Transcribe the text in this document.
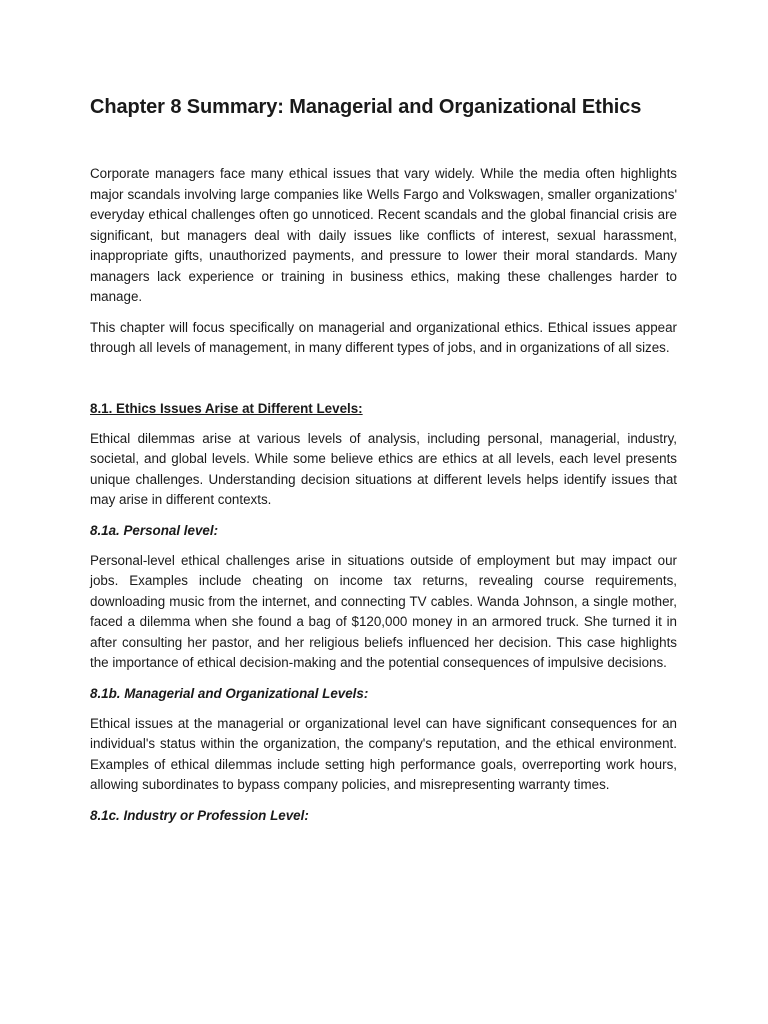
Chapter 8 Summary: Managerial and Organizational Ethics

Corporate managers face many ethical issues that vary widely. While the media often highlights major scandals involving large companies like Wells Fargo and Volkswagen, smaller organizations' everyday ethical challenges often go unnoticed. Recent scandals and the global financial crisis are significant, but managers deal with daily issues like conflicts of interest, sexual harassment, inappropriate gifts, unauthorized payments, and pressure to lower their moral standards. Many managers lack experience or training in business ethics, making these challenges harder to manage.

This chapter will focus specifically on managerial and organizational ethics. Ethical issues appear through all levels of management, in many different types of jobs, and in organizations of all sizes.

8.1. Ethics Issues Arise at Different Levels:

Ethical dilemmas arise at various levels of analysis, including personal, managerial, industry, societal, and global levels. While some believe ethics are ethics at all levels, each level presents unique challenges. Understanding decision situations at different levels helps identify issues that may arise in different contexts.

8.1a. Personal level:

Personal-level ethical challenges arise in situations outside of employment but may impact our jobs. Examples include cheating on income tax returns, revealing course requirements, downloading music from the internet, and connecting TV cables. Wanda Johnson, a single mother, faced a dilemma when she found a bag of $120,000 money in an armored truck. She turned it in after consulting her pastor, and her religious beliefs influenced her decision. This case highlights the importance of ethical decision-making and the potential consequences of impulsive decisions.

8.1b. Managerial and Organizational Levels:

Ethical issues at the managerial or organizational level can have significant consequences for an individual's status within the organization, the company's reputation, and the ethical environment. Examples of ethical dilemmas include setting high performance goals, overreporting work hours, allowing subordinates to bypass company policies, and misrepresenting warranty times.

8.1c. Industry or Profession Level:
